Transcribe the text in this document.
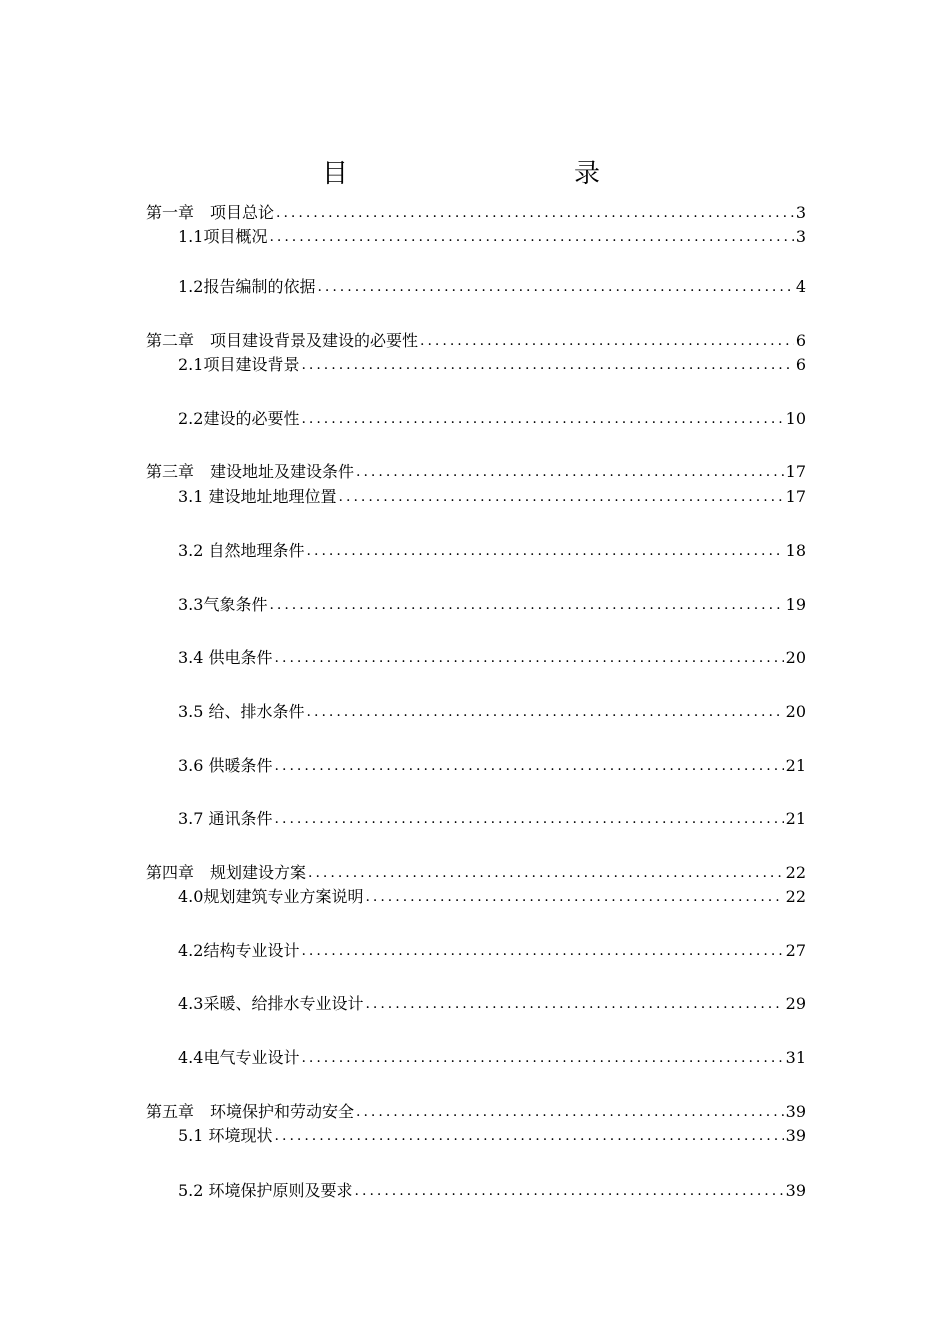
目　　录
第一章　项目总论 .....	3
1.1项目概况 .....	3
1.2报告编制的依据 .....	4
第二章　项目建设背景及建设的必要性 .....	6
2.1项目建设背景 .....	6
2.2建设的必要性 .....	10
第三章　建设地址及建设条件 .....	17
3.1 建设地址地理位置 .....	17
3.2 自然地理条件 .....	18
3.3气象条件 .....	19
3.4 供电条件 .....	20
3.5 给、排水条件 .....	20
3.6 供暖条件 .....	21
3.7 通讯条件 .....	21
第四章　规划建设方案 .....	22
4.0规划建筑专业方案说明 .....	22
4.2结构专业设计 .....	27
4.3采暖、给排水专业设计 .....	29
4.4电气专业设计 .....	31
第五章　环境保护和劳动安全 .....	39
5.1 环境现状 .....	39
5.2 环境保护原则及要求 .....	39
